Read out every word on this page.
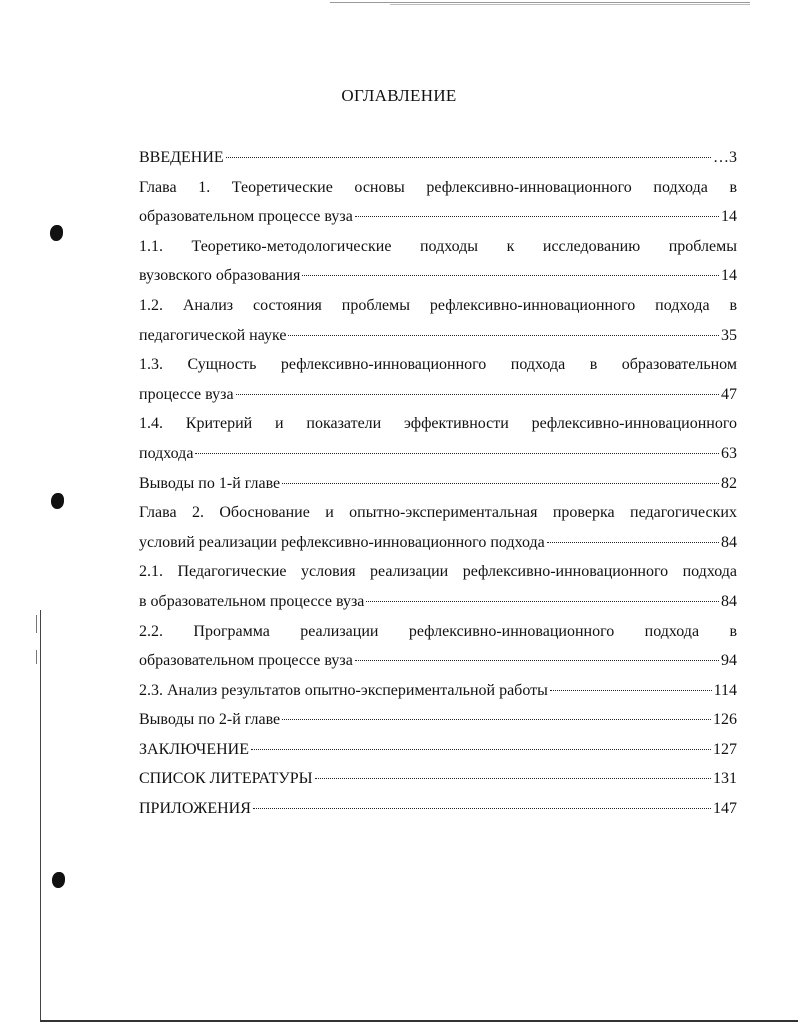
ОГЛАВЛЕНИЕ
ВВЕДЕНИЕ	…3
Глава 1. Теоретические основы рефлексивно-инновационного подхода в
образовательном процессе вуза	14
1.1. Теоретико-методологические подходы к исследованию проблемы
вузовского образования	14
1.2. Анализ состояния проблемы рефлексивно-инновационного подхода в
педагогической науке	35
1.3. Сущность рефлексивно-инновационного подхода в образовательном
процессе вуза	47
1.4. Критерий и показатели эффективности рефлексивно-инновационного
подхода	63
Выводы по 1-й главе	82
Глава 2. Обоснование и опытно-экспериментальная проверка педагогических
условий реализации рефлексивно-инновационного подхода	84
2.1. Педагогические условия реализации рефлексивно-инновационного подхода
в образовательном процессе вуза	84
2.2. Программа реализации рефлексивно-инновационного подхода в
образовательном процессе вуза	94
2.3. Анализ результатов опытно-экспериментальной работы	114
Выводы по 2-й главе	126
ЗАКЛЮЧЕНИЕ	127
СПИСОК ЛИТЕРАТУРЫ	131
ПРИЛОЖЕНИЯ	147
